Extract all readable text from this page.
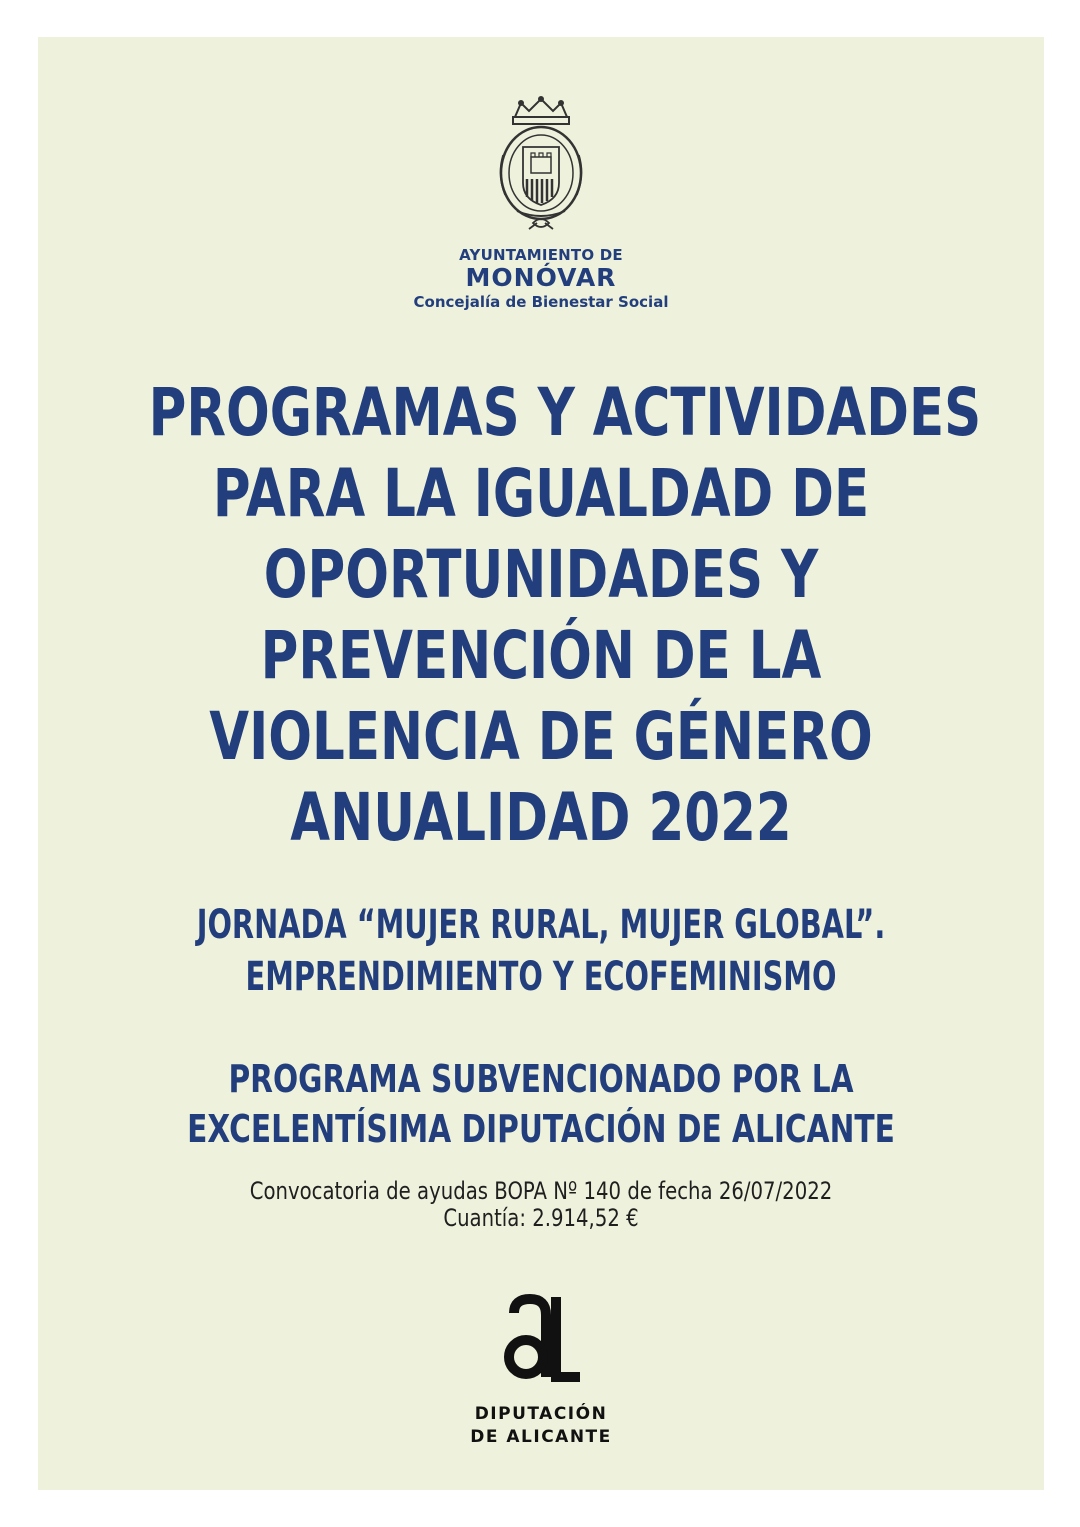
AYUNTAMIENTO DE
MONÓVAR
Concejalía de Bienestar Social
PROGRAMAS Y ACTIVIDADES
PARA LA IGUALDAD DE
OPORTUNIDADES Y
PREVENCIÓN DE LA
VIOLENCIA DE GÉNERO
ANUALIDAD 2022
JORNADA “MUJER RURAL, MUJER GLOBAL”.
EMPRENDIMIENTO Y ECOFEMINISMO
PROGRAMA SUBVENCIONADO POR LA
EXCELENTÍSIMA DIPUTACIÓN DE ALICANTE
Convocatoria de ayudas BOPA Nº 140 de fecha 26/07/2022
Cuantía: 2.914,52 €
DIPUTACIÓN
DE ALICANTE
